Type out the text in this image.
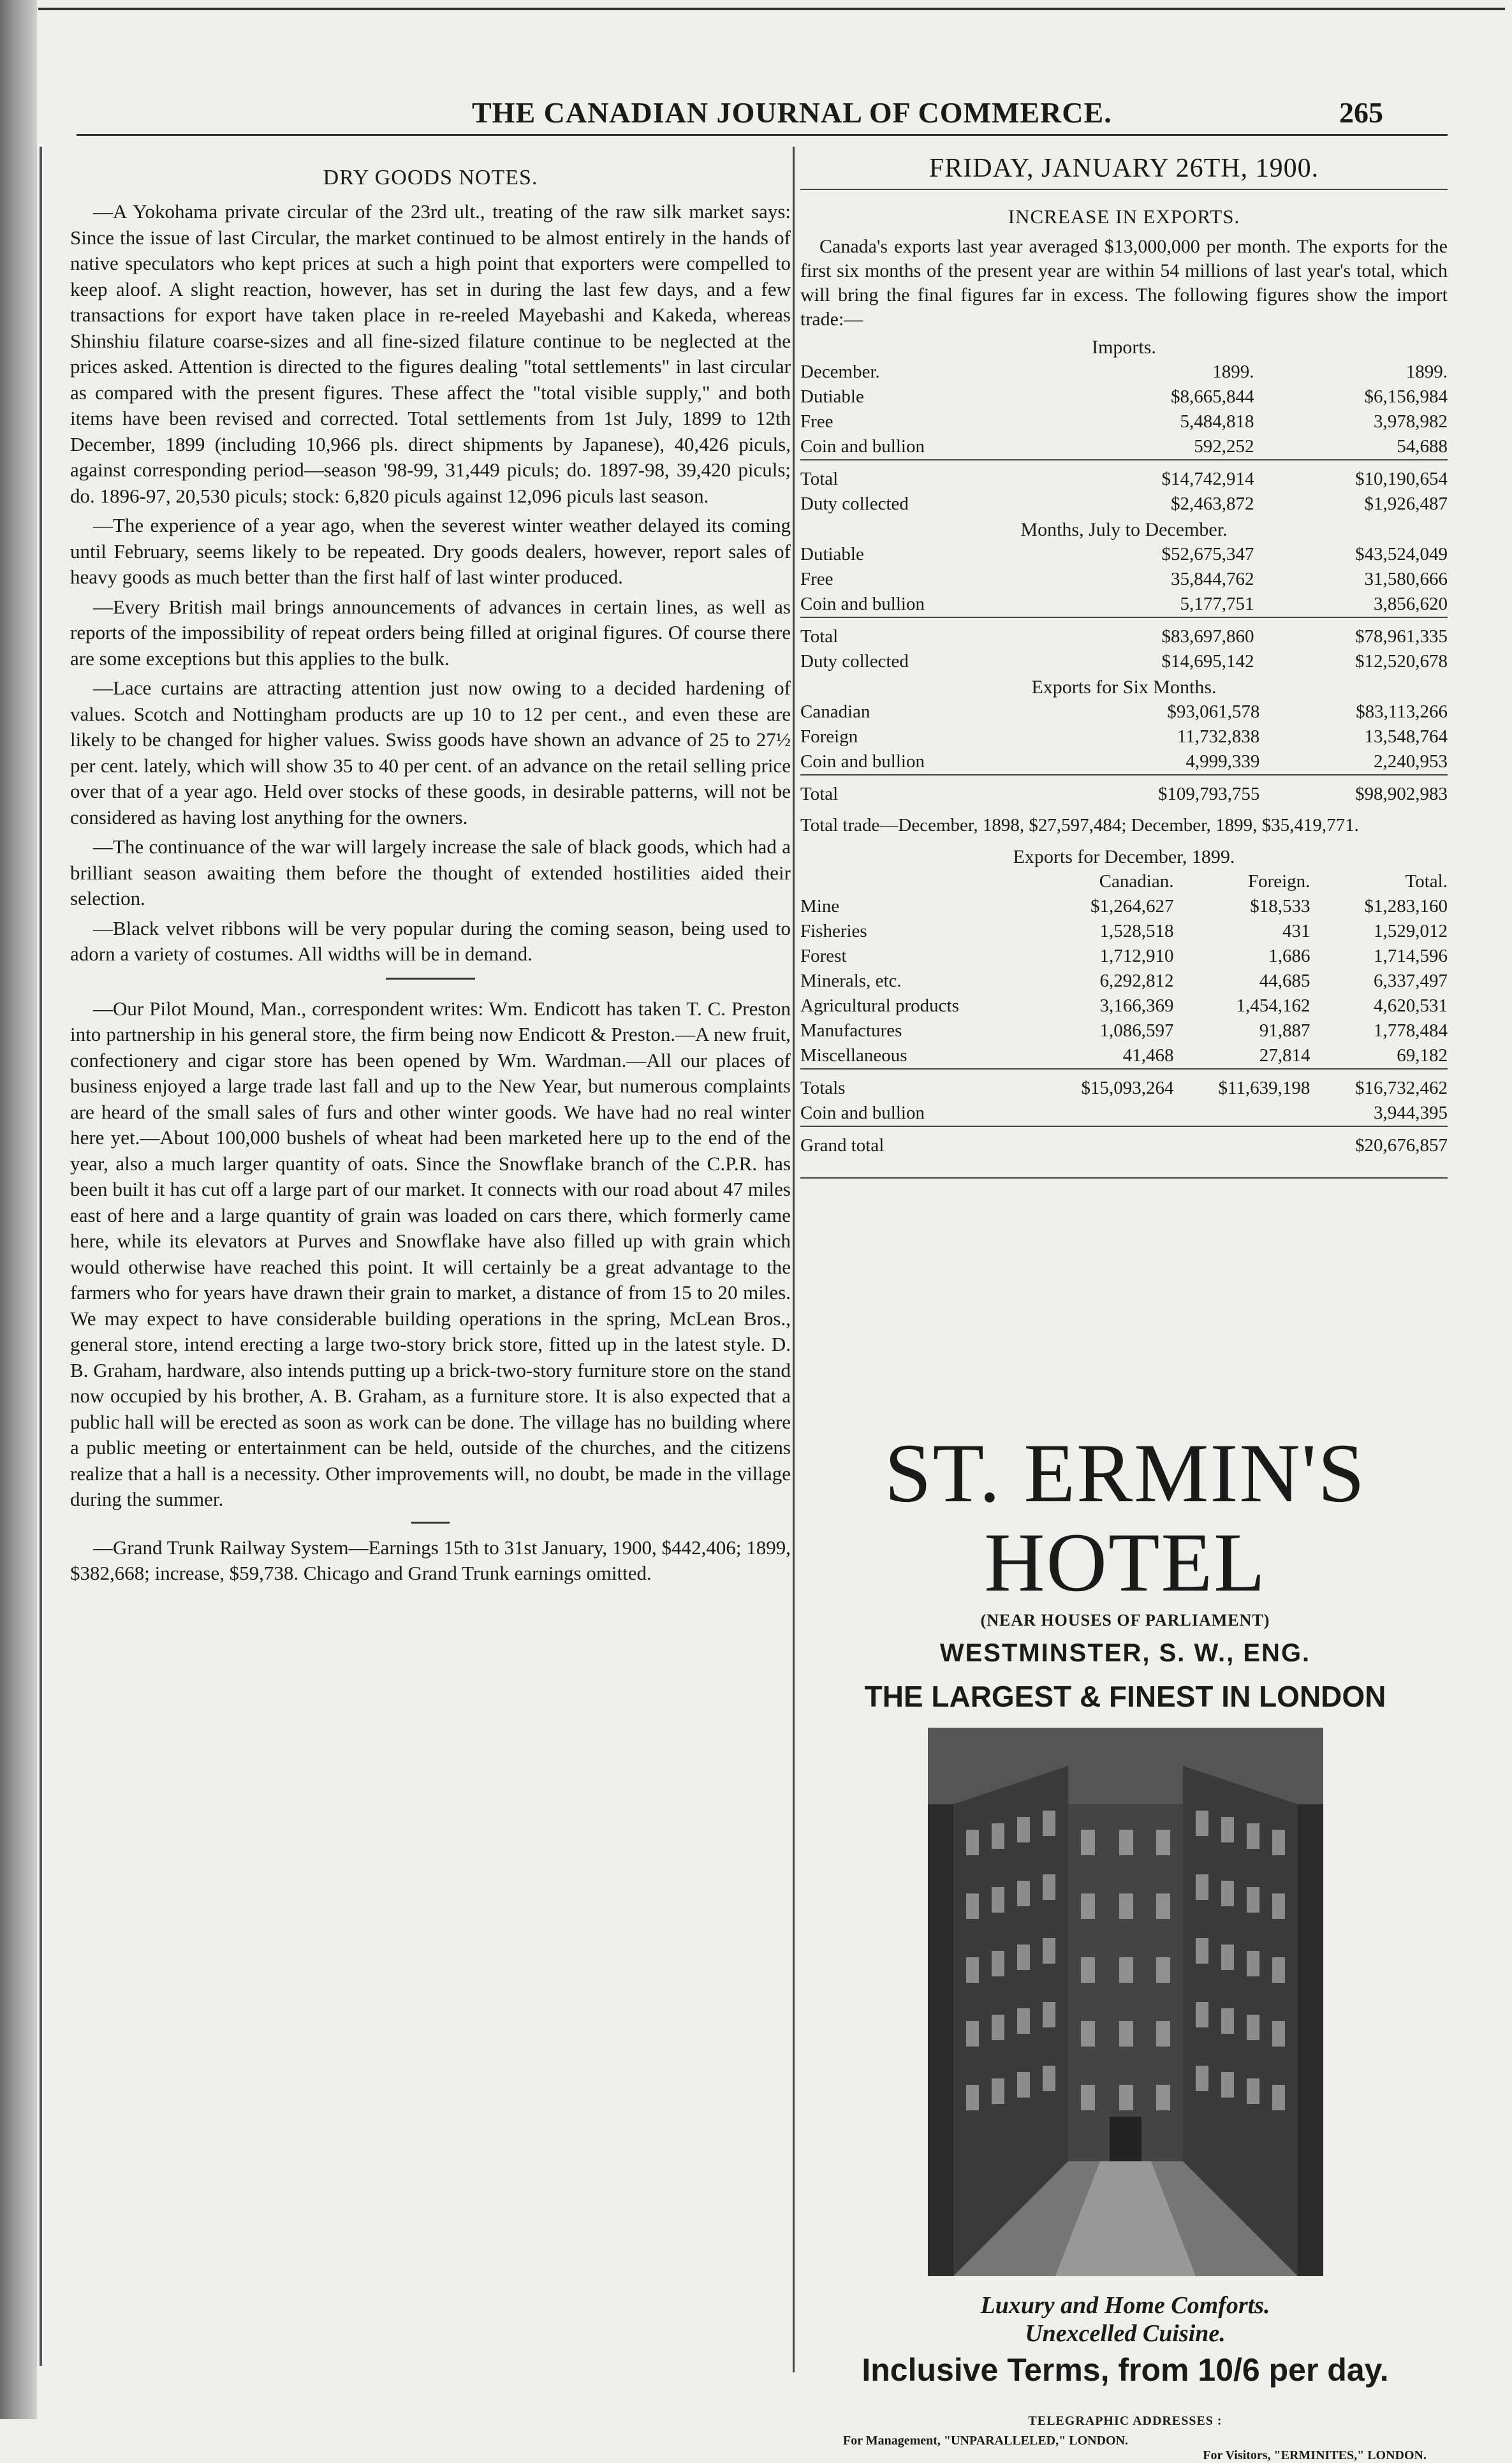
THE CANADIAN JOURNAL OF COMMERCE.	265
DRY GOODS NOTES.

—A Yokohama private circular of the 23rd ult., treating of the raw silk market says: Since the issue of last Circular, the market continued to be almost entirely in the hands of native speculators who kept prices at such a high point that exporters were compelled to keep aloof. A slight reaction, however, has set in during the last few days, and a few transactions for export have taken place in re-reeled Mayebashi and Kakeda, whereas Shinshiu filature coarse-sizes and all fine-sized filature continue to be neglected at the prices asked. Attention is directed to the figures dealing "total settlements" in last circular as compared with the present figures. These affect the "total visible supply," and both items have been revised and corrected. Total settlements from 1st July, 1899 to 12th December, 1899 (including 10,966 pls. direct shipments by Japanese), 40,426 piculs, against corresponding period—season '98-99, 31,449 piculs; do. 1897-98, 39,420 piculs; do. 1896-97, 20,530 piculs; stock: 6,820 piculs against 12,096 piculs last season.

—The experience of a year ago, when the severest winter weather delayed its coming until February, seems likely to be repeated. Dry goods dealers, however, report sales of heavy goods as much better than the first half of last winter produced.

—Every British mail brings announcements of advances in certain lines, as well as reports of the impossibility of repeat orders being filled at original figures. Of course there are some exceptions but this applies to the bulk.

—Lace curtains are attracting attention just now owing to a decided hardening of values. Scotch and Nottingham products are up 10 to 12 per cent., and even these are likely to be changed for higher values. Swiss goods have shown an advance of 25 to 27½ per cent. lately, which will show 35 to 40 per cent. of an advance on the retail selling price over that of a year ago. Held over stocks of these goods, in desirable patterns, will not be considered as having lost anything for the owners.

—The continuance of the war will largely increase the sale of black goods, which had a brilliant season awaiting them before the thought of extended hostilities aided their selection.

—Black velvet ribbons will be very popular during the coming season, being used to adorn a variety of costumes. All widths will be in demand.

—Our Pilot Mound, Man., correspondent writes: Wm. Endicott has taken T. C. Preston into partnership in his general store, the firm being now Endicott & Preston.—A new fruit, confectionery and cigar store has been opened by Wm. Wardman.—All our places of business enjoyed a large trade last fall and up to the New Year, but numerous complaints are heard of the small sales of furs and other winter goods. We have had no real winter here yet.—About 100,000 bushels of wheat had been marketed here up to the end of the year, also a much larger quantity of oats. Since the Snowflake branch of the C.P.R. has been built it has cut off a large part of our market. It connects with our road about 47 miles east of here and a large quantity of grain was loaded on cars there, which formerly came here, while its elevators at Purves and Snowflake have also filled up with grain which would otherwise have reached this point. It will certainly be a great advantage to the farmers who for years have drawn their grain to market, a distance of from 15 to 20 miles. We may expect to have considerable building operations in the spring, McLean Bros., general store, intend erecting a large two-story brick store, fitted up in the latest style. D. B. Graham, hardware, also intends putting up a brick-two-story furniture store on the stand now occupied by his brother, A. B. Graham, as a furniture store. It is also expected that a public hall will be erected as soon as work can be done. The village has no building where a public meeting or entertainment can be held, outside of the churches, and the citizens realize that a hall is a necessity. Other improvements will, no doubt, be made in the village during the summer.

—Grand Trunk Railway System—Earnings 15th to 31st January, 1900, $442,406; 1899, $382,668; increase, $59,738. Chicago and Grand Trunk earnings omitted.

FRIDAY, JANUARY 26TH, 1900.
INCREASE IN EXPORTS.
Canada's exports last year averaged $13,000,000 per month. The exports for the first six months of the present year are within 54 millions of last year's total, which will bring the final figures far in excess. The following figures show the import trade:—
Imports.
December.	1899.	1899.
Dutiable	$8,665,844	$6,156,984
Free	5,484,818	3,978,982
Coin and bullion	592,252	54,688

Total	$14,742,914	$10,190,654
Duty collected	$2,463,872	$1,926,487
Months, July to December.
Dutiable	$52,675,347	$43,524,049
Free	35,844,762	31,580,666
Coin and bullion	5,177,751	3,856,620

Total	$83,697,860	$78,961,335
Duty collected	$14,695,142	$12,520,678
Exports for Six Months.
Canadian	$93,061,578	$83,113,266
Foreign	11,732,838	13,548,764
Coin and bullion	4,999,339	2,240,953

Total	$109,793,755	$98,902,983
Total trade—December, 1898, $27,597,484; December, 1899, $35,419,771.
Exports for December, 1899.
	Canadian.	Foreign.	Total.
Mine	$1,264,627	$18,533	$1,283,160
Fisheries	1,528,518	431	1,529,012
Forest	1,712,910	1,686	1,714,596
Minerals, etc.	6,292,812	44,685	6,337,497
Agricultural products	3,166,369	1,454,162	4,620,531
Manufactures	1,086,597	91,887	1,778,484
Miscellaneous	41,468	27,814	69,182

Totals	$15,093,264	$11,639,198	$16,732,462
Coin and bullion			3,944,395

Grand total			$20,676,857
ST. ERMIN'S HOTEL
(NEAR HOUSES OF PARLIAMENT)
WESTMINSTER, S. W., ENG.
THE LARGEST & FINEST IN LONDON
Luxury and Home Comforts.
Unexcelled Cuisine.
Inclusive Terms, from 10/6 per day.
TELEGRAPHIC ADDRESSES :
For Management, "UNPARALLELED," LONDON.
For Visitors, "ERMINITES," LONDON.
